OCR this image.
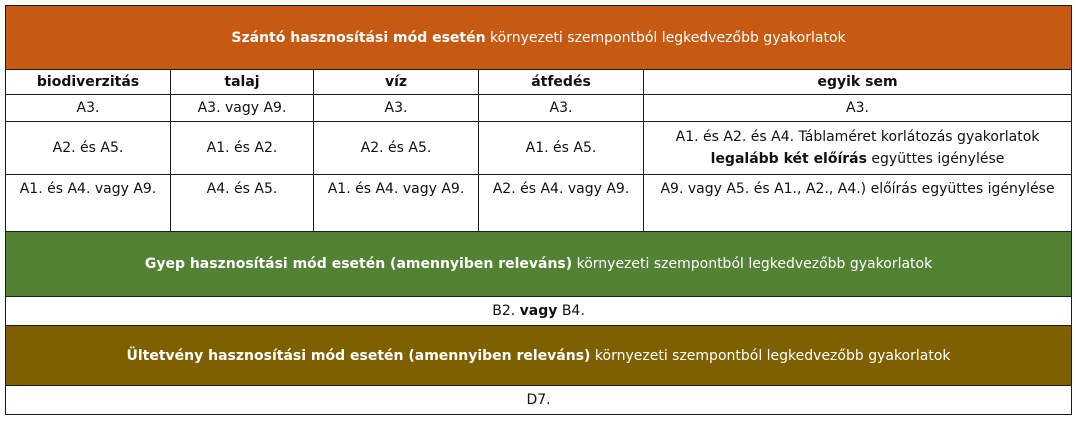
Szántó hasznosítási mód esetén környezeti szempontból legkedvezőbb gyakorlatok				
biodiverzitás	talaj	víz	átfedés	egyik sem
A3.	A3. vagy A9.	A3.	A3.	A3.
A2. és A5.	A1. és A2.	A2. és A5.	A1. és A5.	A1. és A2. és A4. Táblaméret korlátozás gyakorlatok legalább két előírás együttes igénylése
A1. és A4. vagy A9.	A4. és A5.	A1. és A4. vagy A9.	A2. és A4. vagy A9.	A9. vagy A5. és A1., A2., A4.) előírás együttes igénylése
Gyep hasznosítási mód esetén (amennyiben releváns) környezeti szempontból legkedvezőbb gyakorlatok				
B2. vagy B4.				
Ültetvény hasznosítási mód esetén (amennyiben releváns) környezeti szempontból legkedvezőbb gyakorlatok				
D7.				
